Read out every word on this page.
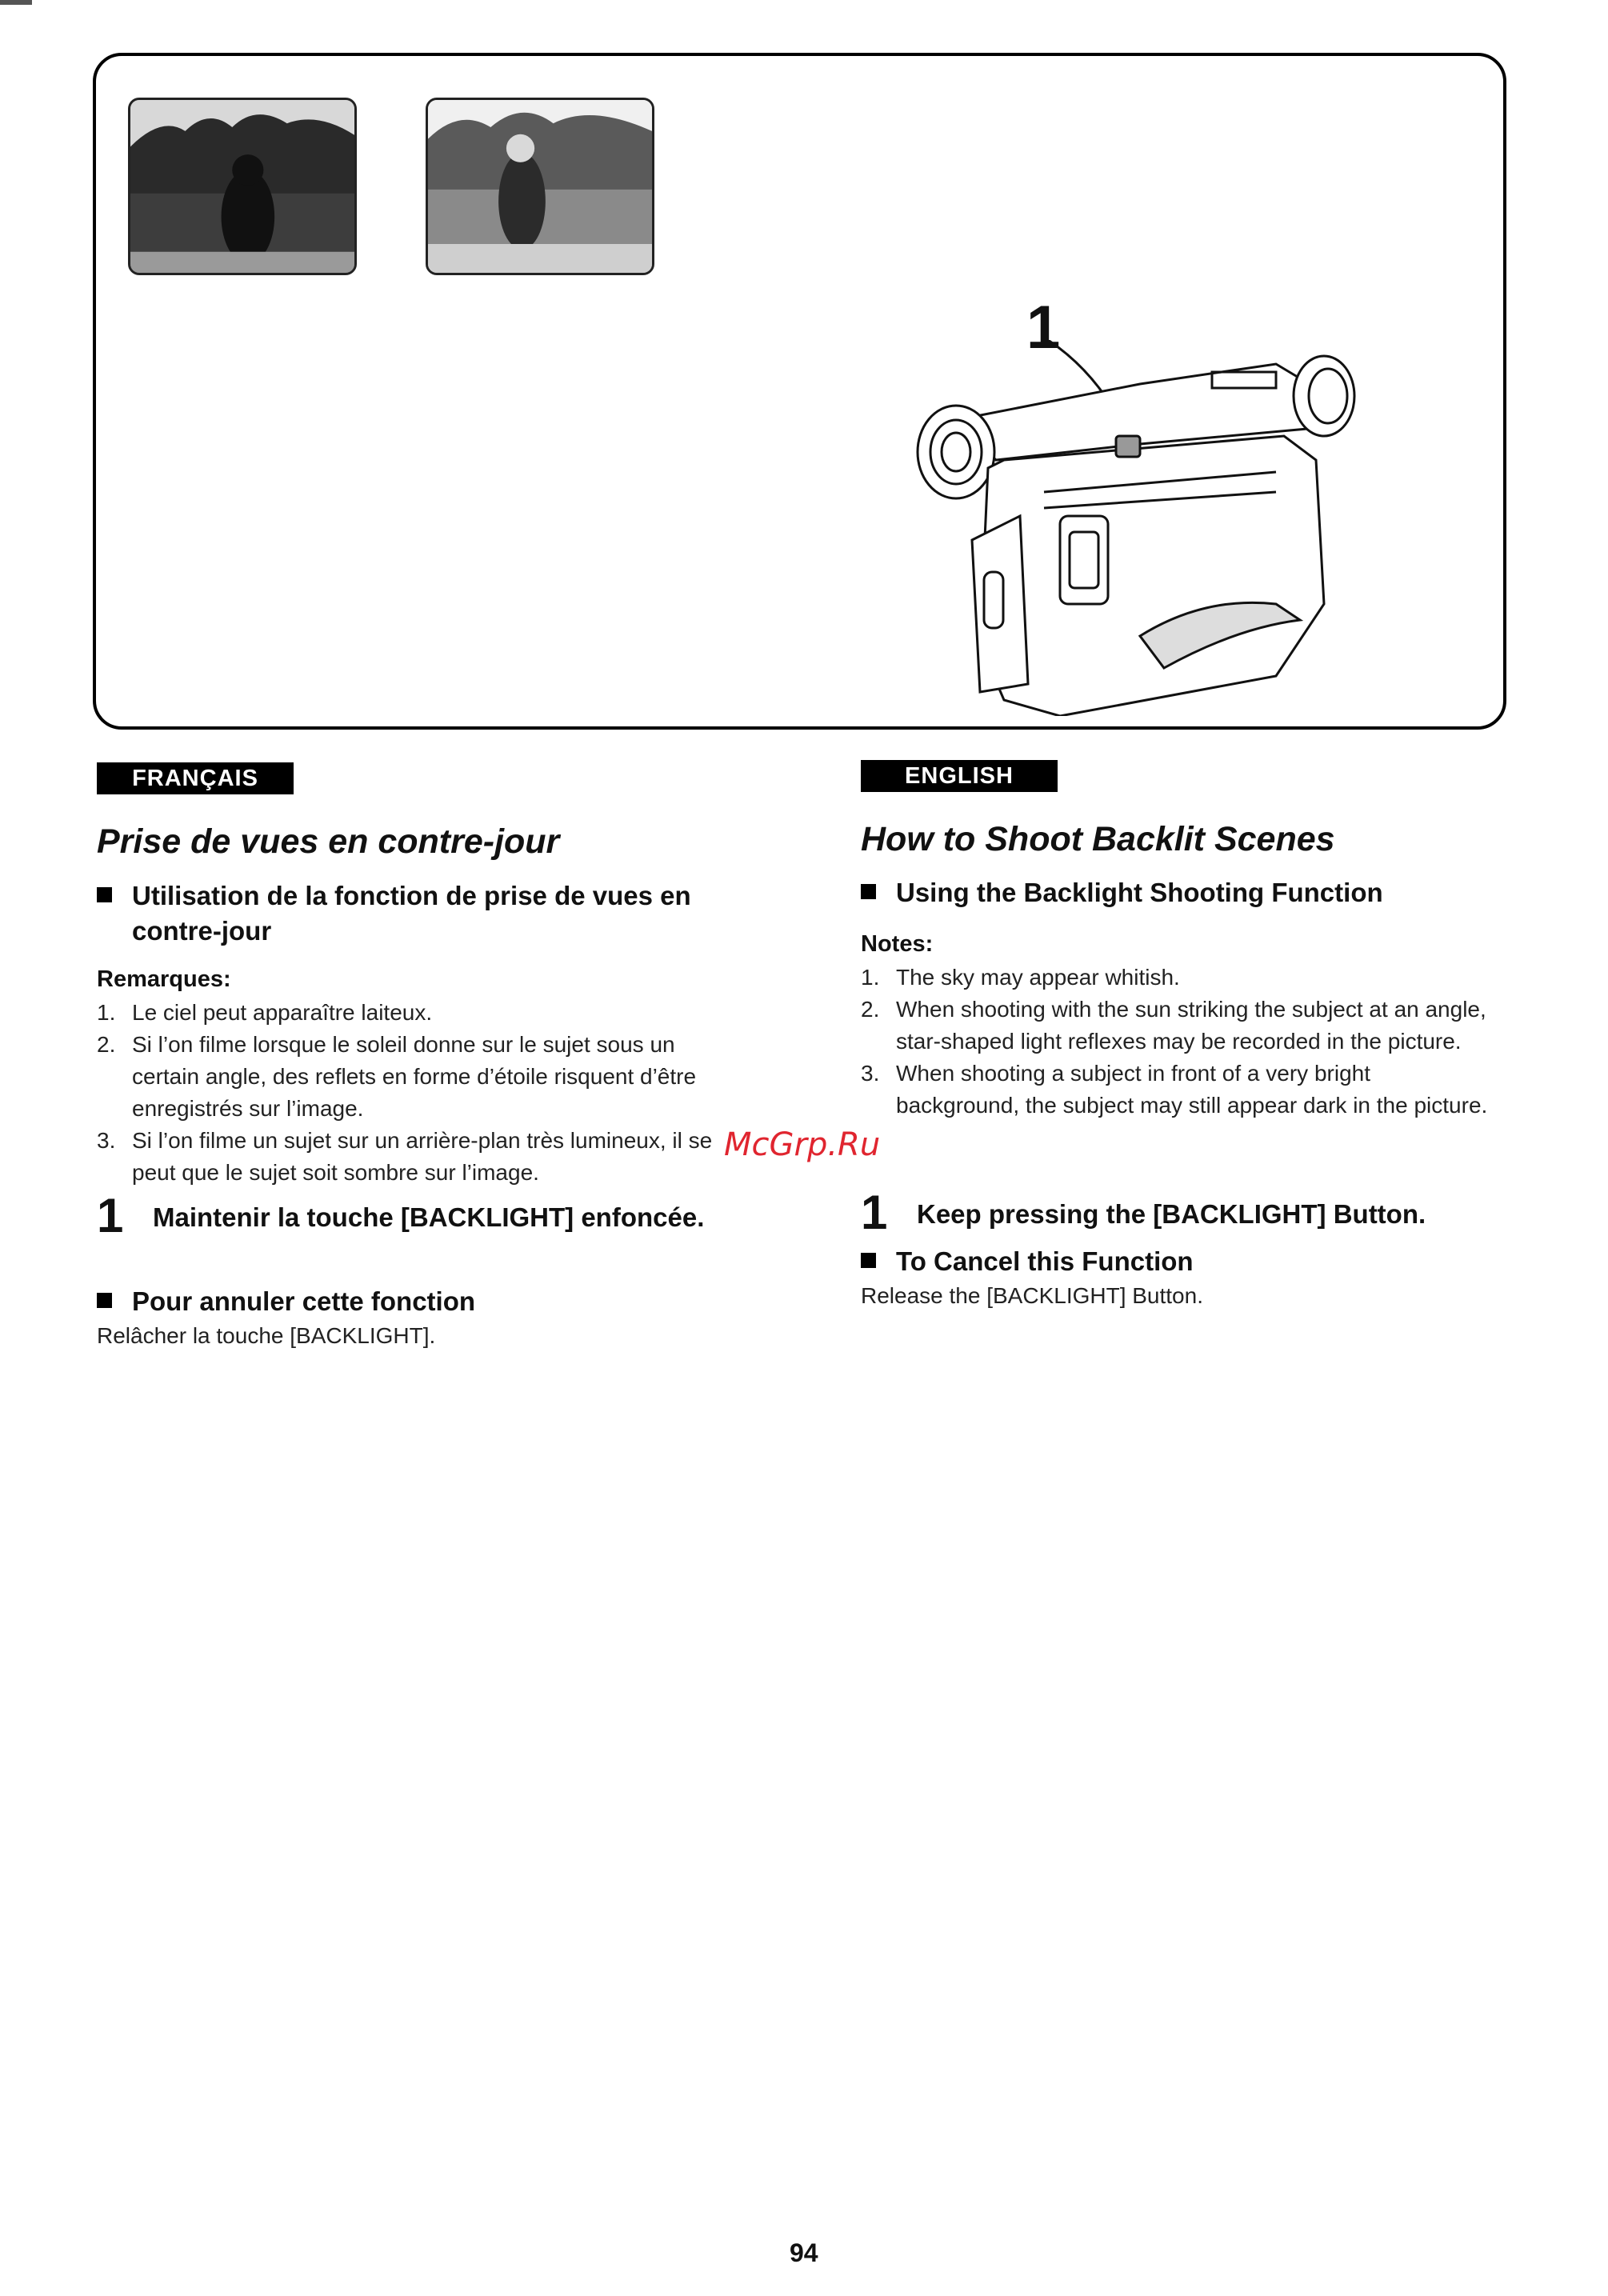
1
FRANÇAIS
Prise de vues en contre-jour
Utilisation de la fonction de prise de vues en contre-jour
Remarques:
1. Le ciel peut apparaître laiteux.
2. Si l’on filme lorsque le soleil donne sur le sujet sous un certain angle, des reflets en forme d’étoile risquent d’être enregistrés sur l’image.
3. Si l’on filme un sujet sur un arrière-plan très lumineux, il se peut que le sujet soit sombre sur l’image.
1	Maintenir la touche [BACKLIGHT] enfoncée.
Pour annuler cette fonction
Relâcher la touche [BACKLIGHT].
ENGLISH
How to Shoot Backlit Scenes
Using the Backlight Shooting Function
Notes:
1. The sky may appear whitish.
2. When shooting with the sun striking the subject at an angle, star-shaped light reflexes may be recorded in the picture.
3. When shooting a subject in front of a very bright background, the subject may still appear dark in the picture.
1	Keep pressing the [BACKLIGHT] Button.
To Cancel this Function
Release the [BACKLIGHT] Button.
McGrp.Ru
94
